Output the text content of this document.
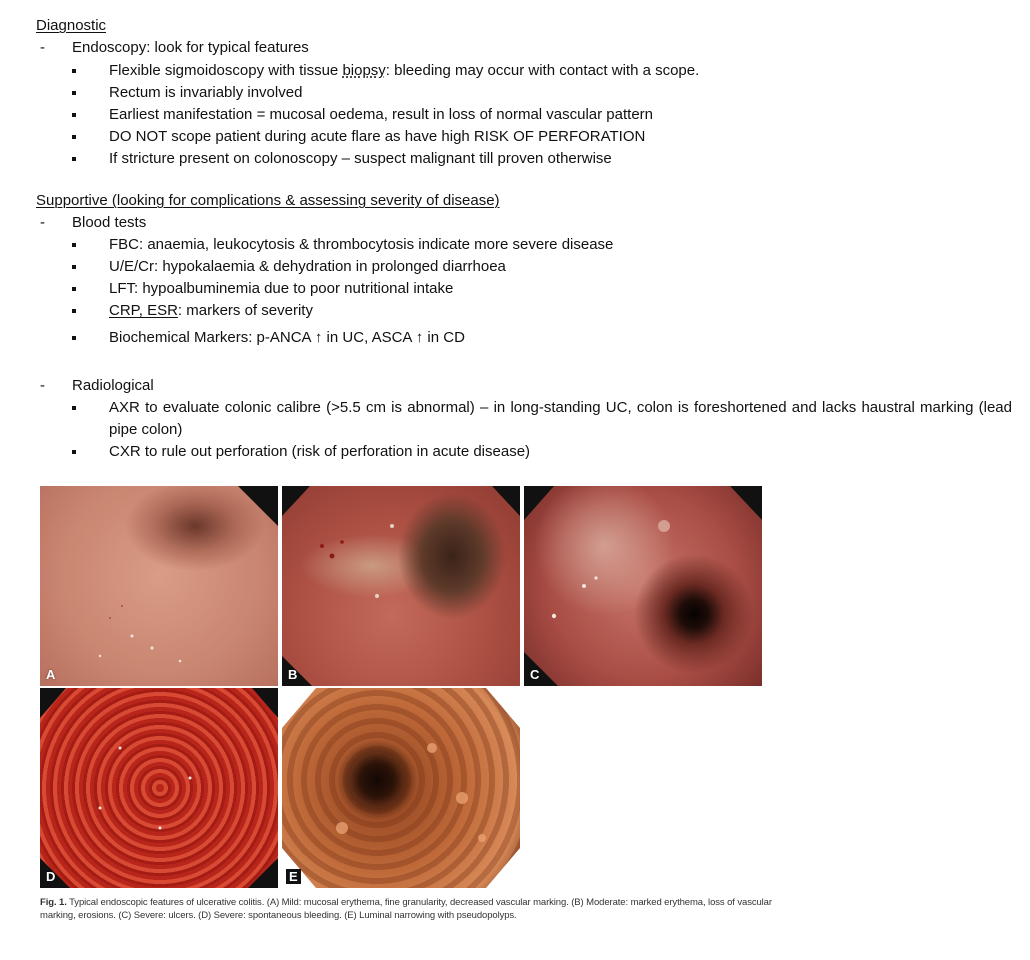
Diagnostic
- Endoscopy: look for typical features
Flexible sigmoidoscopy with tissue biopsy: bleeding may occur with contact with a scope.
Rectum is invariably involved
Earliest manifestation = mucosal oedema, result in loss of normal vascular pattern
DO NOT scope patient during acute flare as have high RISK OF PERFORATION
If stricture present on colonoscopy – suspect malignant till proven otherwise
Supportive (looking for complications & assessing severity of disease)
- Blood tests
FBC: anaemia, leukocytosis & thrombocytosis indicate more severe disease
U/E/Cr: hypokalaemia & dehydration in prolonged diarrhoea
LFT: hypoalbuminemia due to poor nutritional intake
CRP, ESR: markers of severity
Biochemical Markers: p-ANCA ↑ in UC, ASCA ↑ in CD
- Radiological
AXR to evaluate colonic calibre (>5.5 cm is abnormal) – in long-standing UC, colon is foreshortened and lacks haustral marking (lead pipe colon)
CXR to rule out perforation (risk of perforation in acute disease)
A	B	C
D	E
Fig. 1. Typical endoscopic features of ulcerative colitis. (A) Mild: mucosal erythema, fine granularity, decreased vascular marking. (B) Moderate: marked erythema, loss of vascular marking, erosions. (C) Severe: ulcers. (D) Severe: spontaneous bleeding. (E) Luminal narrowing with pseudopolyps.
